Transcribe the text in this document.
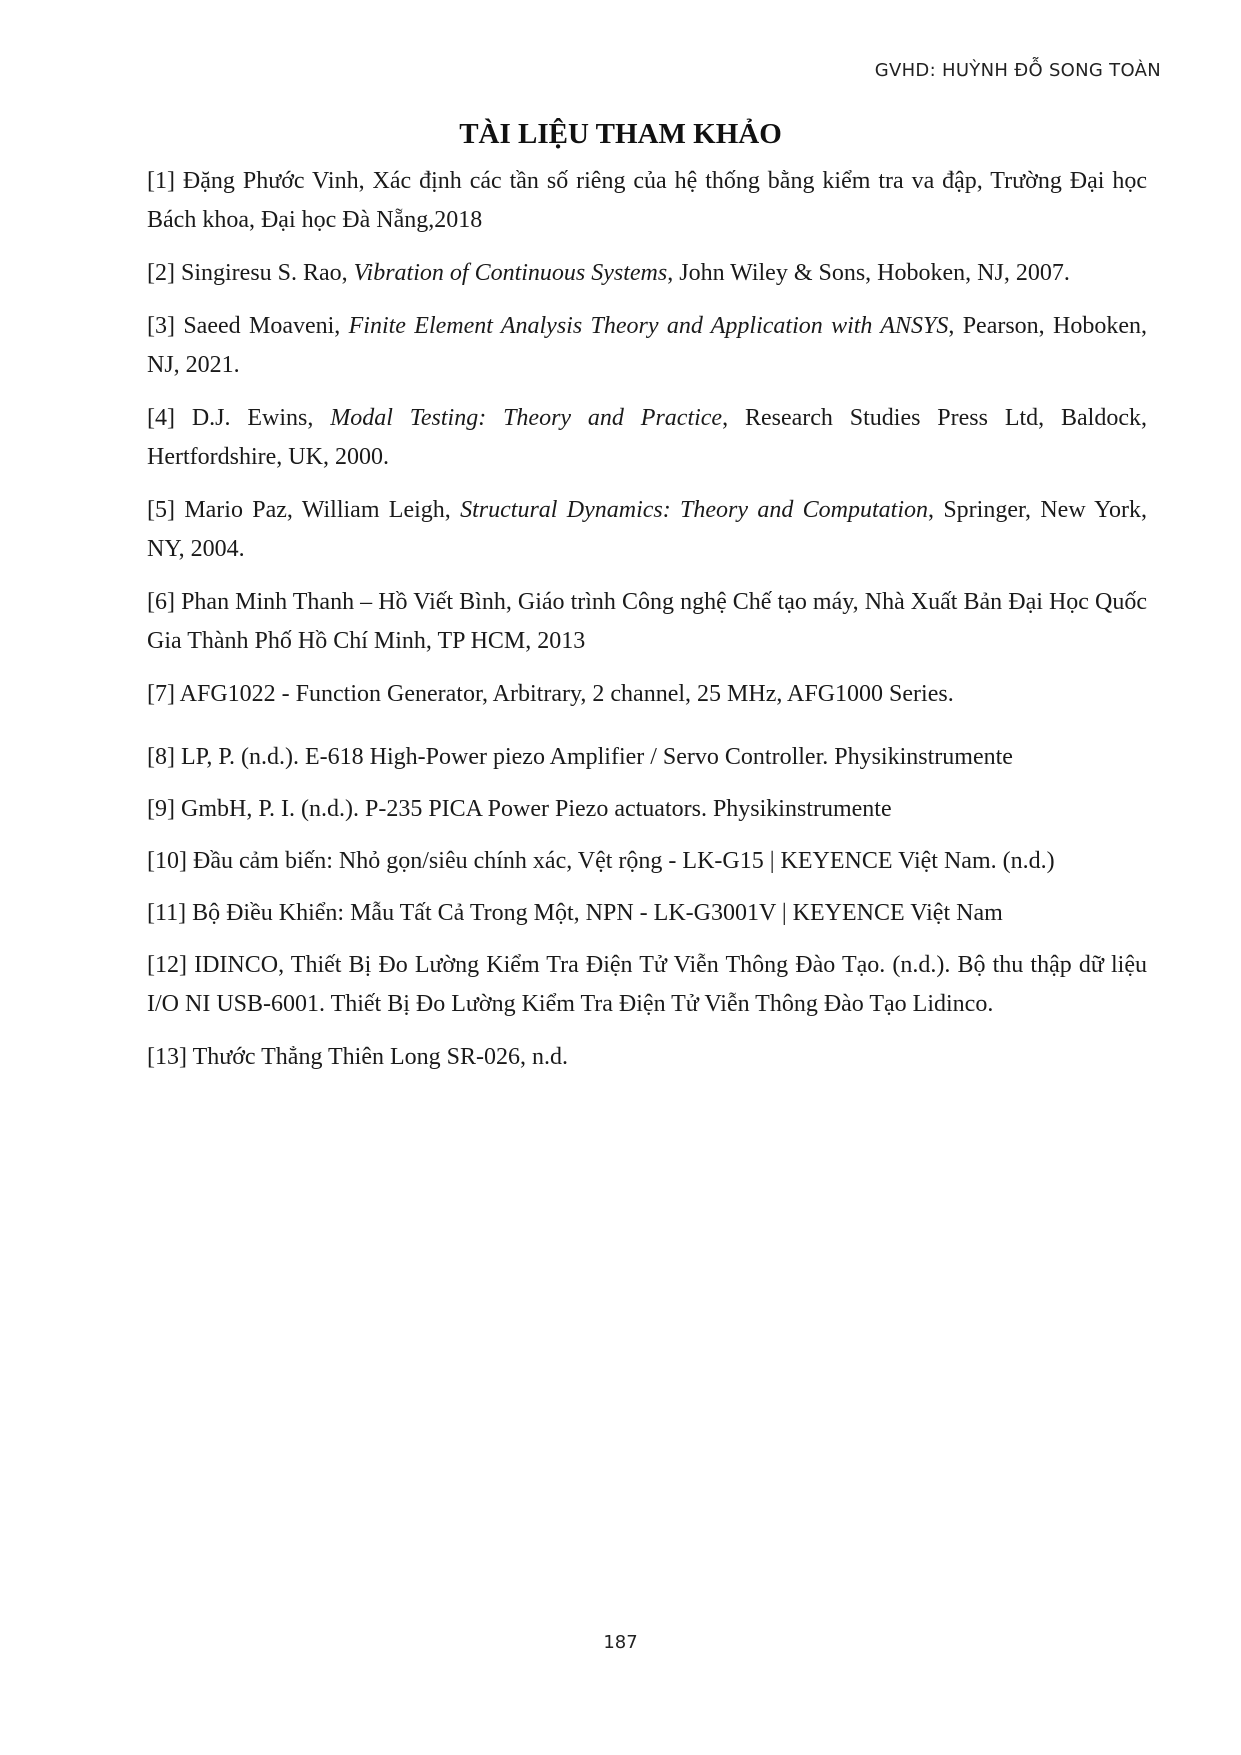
GVHD: HUỲNH ĐỖ SONG TOÀN
TÀI LIỆU THAM KHẢO

[1] Đặng Phước Vinh, Xác định các tần số riêng của hệ thống bằng kiểm tra va đập, Trường Đại học Bách khoa, Đại học Đà Nẵng,2018

[2] Singiresu S. Rao, Vibration of Continuous Systems, John Wiley & Sons, Hoboken, NJ, 2007.

[3] Saeed Moaveni, Finite Element Analysis Theory and Application with ANSYS, Pearson, Hoboken, NJ, 2021.

[4] D.J. Ewins, Modal Testing: Theory and Practice, Research Studies Press Ltd, Baldock, Hertfordshire, UK, 2000.

[5] Mario Paz, William Leigh, Structural Dynamics: Theory and Computation, Springer, New York, NY, 2004.

[6] Phan Minh Thanh – Hồ Viết Bình, Giáo trình Công nghệ Chế tạo máy, Nhà Xuất Bản Đại Học Quốc Gia Thành Phố Hồ Chí Minh, TP HCM, 2013

[7] AFG1022 - Function Generator, Arbitrary, 2 channel, 25 MHz, AFG1000 Series.

[8] LP, P. (n.d.). E-618 High-Power piezo Amplifier / Servo Controller. Physikinstrumente

[9] GmbH, P. I. (n.d.). P-235 PICA Power Piezo actuators. Physikinstrumente

[10] Đầu cảm biến: Nhỏ gọn/siêu chính xác, Vệt rộng - LK-G15 | KEYENCE Việt Nam. (n.d.)

[11] Bộ Điều Khiển: Mẫu Tất Cả Trong Một, NPN - LK-G3001V | KEYENCE Việt Nam

[12] IDINCO, Thiết Bị Đo Lường Kiểm Tra Điện Tử Viễn Thông Đào Tạo. (n.d.). Bộ thu thập dữ liệu I/O NI USB-6001. Thiết Bị Đo Lường Kiểm Tra Điện Tử Viễn Thông Đào Tạo Lidinco.

[13] Thước Thẳng Thiên Long SR-026, n.d.

187
